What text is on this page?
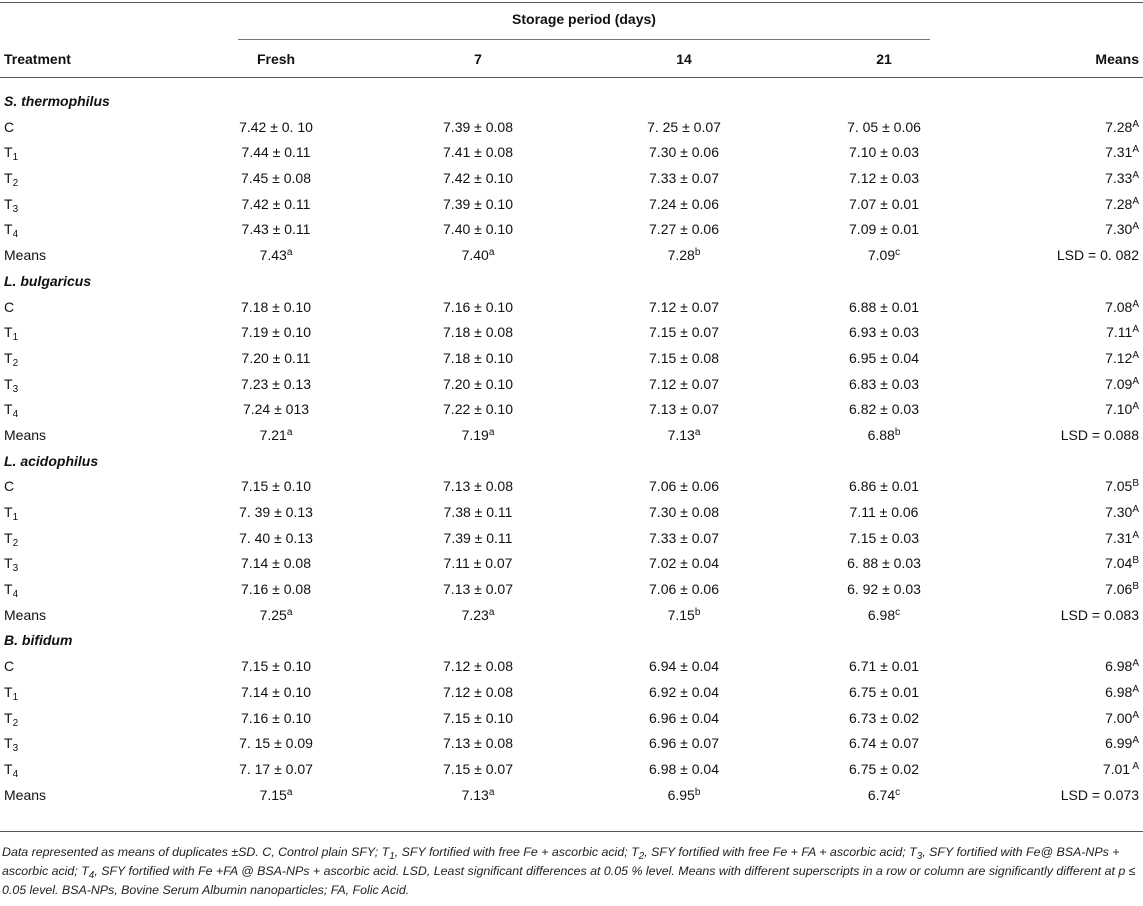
Storage period (days)
Treatment	Fresh	7	14	21	Means
S. thermophilus
C	7.42 ± 0. 10	7.39 ± 0.08	7. 25 ± 0.07	7. 05 ± 0.06	$7.28^A$
$T_1$	7.44 ± 0.11	7.41 ± 0.08	7.30 ± 0.06	7.10 ± 0.03	$7.31^A$
$T_2$	7.45 ± 0.08	7.42 ± 0.10	7.33 ± 0.07	7.12 ± 0.03	$7.33^A$
$T_3$	7.42 ± 0.11	7.39 ± 0.10	7.24 ± 0.06	7.07 ± 0.01	$7.28^A$
$T_4$	7.43 ± 0.11	7.40 ± 0.10	7.27 ± 0.06	7.09 ± 0.01	$7.30^A$
Means	7.43$^a$	7.40$^a$	7.28$^b$	7.09$^c$	LSD = 0. 082
L. bulgaricus
C	7.18 ± 0.10	7.16 ± 0.10	7.12 ± 0.07	6.88 ± 0.01	$7.08^A$
$T_1$	7.19 ± 0.10	7.18 ± 0.08	7.15 ± 0.07	6.93 ± 0.03	$7.11^A$
$T_2$	7.20 ± 0.11	7.18 ± 0.10	7.15 ± 0.08	6.95 ± 0.04	$7.12^A$
$T_3$	7.23 ± 0.13	7.20 ± 0.10	7.12 ± 0.07	6.83 ± 0.03	$7.09^A$
$T_4$	7.24 ± 013	7.22 ± 0.10	7.13 ± 0.07	6.82 ± 0.03	$7.10^A$
Means	7.21$^a$	7.19$^a$	7.13$^a$	6.88$^b$	LSD = 0.088
L. acidophilus
C	7.15 ± 0.10	7.13 ± 0.08	7.06 ± 0.06	6.86 ± 0.01	$7.05^B$
$T_1$	7. 39 ± 0.13	7.38 ± 0.11	7.30 ± 0.08	7.11 ± 0.06	$7.30^A$
$T_2$	7. 40 ± 0.13	7.39 ± 0.11	7.33 ± 0.07	7.15 ± 0.03	$7.31^A$
$T_3$	7.14 ± 0.08	7.11 ± 0.07	7.02 ± 0.04	6. 88 ± 0.03	$7.04^B$
$T_4$	7.16 ± 0.08	7.13 ± 0.07	7.06 ± 0.06	6. 92 ± 0.03	$7.06^B$
Means	7.25$^a$	7.23$^a$	7.15$^b$	6.98$^c$	LSD = 0.083
B. bifidum
C	7.15 ± 0.10	7.12 ± 0.08	6.94 ± 0.04	6.71 ± 0.01	$6.98^A$
$T_1$	7.14 ± 0.10	7.12 ± 0.08	6.92 ± 0.04	6.75 ± 0.01	$6.98^A$
$T_2$	7.16 ± 0.10	7.15 ± 0.10	6.96 ± 0.04	6.73 ± 0.02	$7.00^A$
$T_3$	7. 15 ± 0.09	7.13 ± 0.08	6.96 ± 0.07	6.74 ± 0.07	$6.99^A$
$T_4$	7. 17 ± 0.07	7.15 ± 0.07	6.98 ± 0.04	6.75 ± 0.02	7.01 $^A$
Means	7.15$^a$	7.13$^a$	6.95$^b$	6.74$^c$	LSD = 0.073
Data represented as means of duplicates ±SD. C, Control plain SFY; $T_1$, SFY fortified with free Fe + ascorbic acid; $T_2$, SFY fortified with free Fe + FA + ascorbic acid; $T_3$, SFY fortified with Fe@ BSA-NPs + ascorbic acid; $T_4$, SFY fortified with Fe +FA @ BSA-NPs + ascorbic acid. LSD, Least significant differences at 0.05 % level. Means with different superscripts in a row or column are significantly different at p ≤ 0.05 level. BSA-NPs, Bovine Serum Albumin nanoparticles; FA, Folic Acid.
